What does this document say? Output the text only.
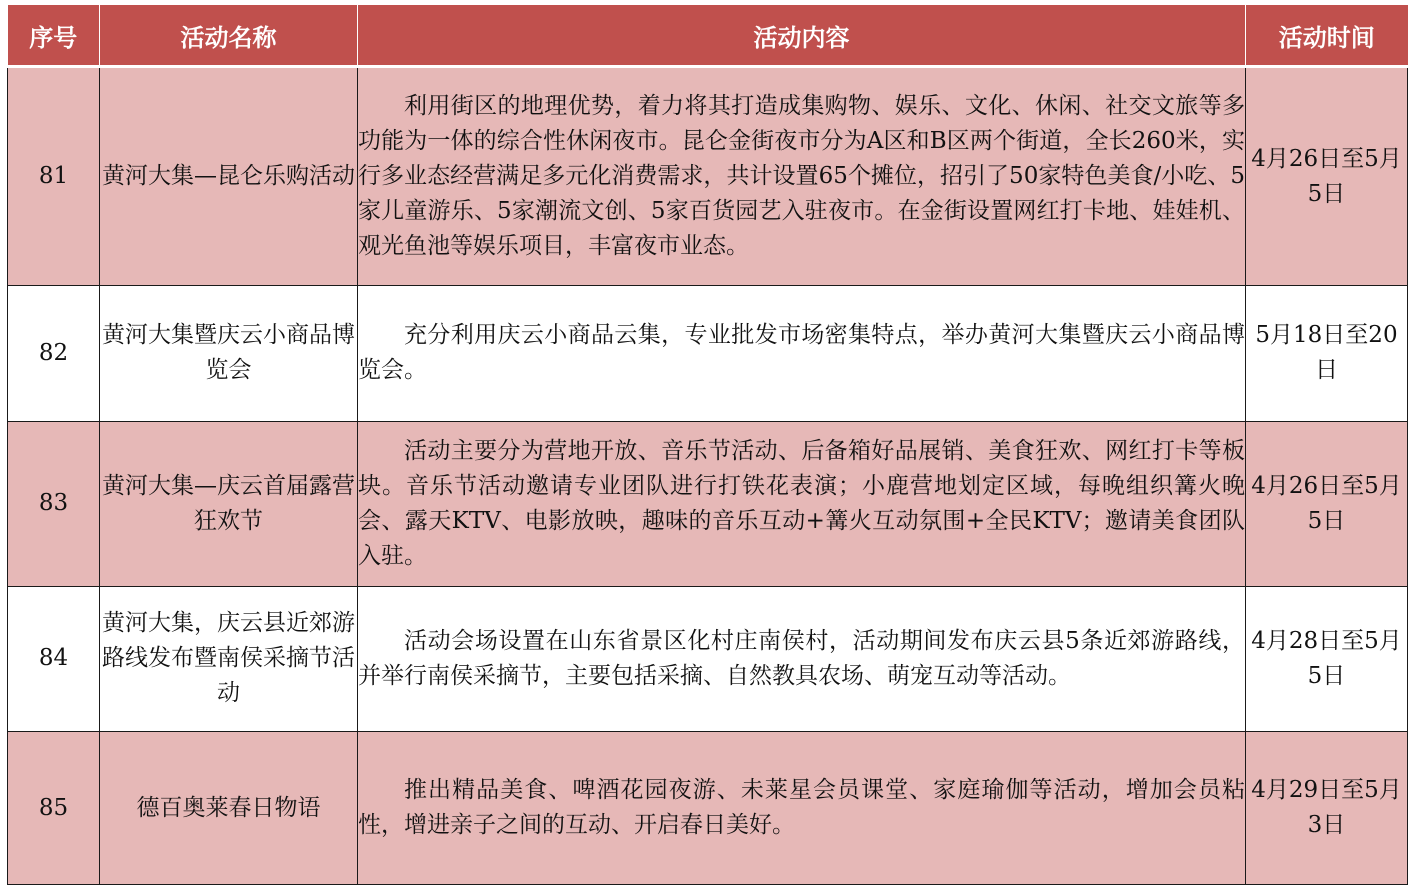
序号	活动名称	活动内容	活动时间
81	黄河大集—昆仑乐购活动	利用街区的地理优势，着力将其打造成集购物、娱乐、文化、休闲、社交文旅等多功能为一体的综合性休闲夜市。昆仑金街夜市分为A区和B区两个街道，全长260米，实行多业态经营满足多元化消费需求，共计设置65个摊位，招引了50家特色美食/小吃、5家儿童游乐、5家潮流文创、5家百货园艺入驻夜市。在金街设置网红打卡地、娃娃机、观光鱼池等娱乐项目，丰富夜市业态。	4月26日至5月5日
82	黄河大集暨庆云小商品博览会	充分利用庆云小商品云集，专业批发市场密集特点，举办黄河大集暨庆云小商品博览会。	5月18日至20日
83	黄河大集—庆云首届露营狂欢节	活动主要分为营地开放、音乐节活动、后备箱好品展销、美食狂欢、网红打卡等板块。音乐节活动邀请专业团队进行打铁花表演；小鹿营地划定区域，每晚组织篝火晚会、露天KTV、电影放映，趣味的音乐互动+篝火互动氛围+全民KTV；邀请美食团队入驻。	4月26日至5月5日
84	黄河大集，庆云县近郊游路线发布暨南侯采摘节活动	活动会场设置在山东省景区化村庄南侯村，活动期间发布庆云县5条近郊游路线，并举行南侯采摘节，主要包括采摘、自然教具农场、萌宠互动等活动。	4月28日至5月5日
85	德百奥莱春日物语	推出精品美食、啤酒花园夜游、未莱星会员课堂、家庭瑜伽等活动，增加会员粘性，增进亲子之间的互动、开启春日美好。	4月29日至5月3日
